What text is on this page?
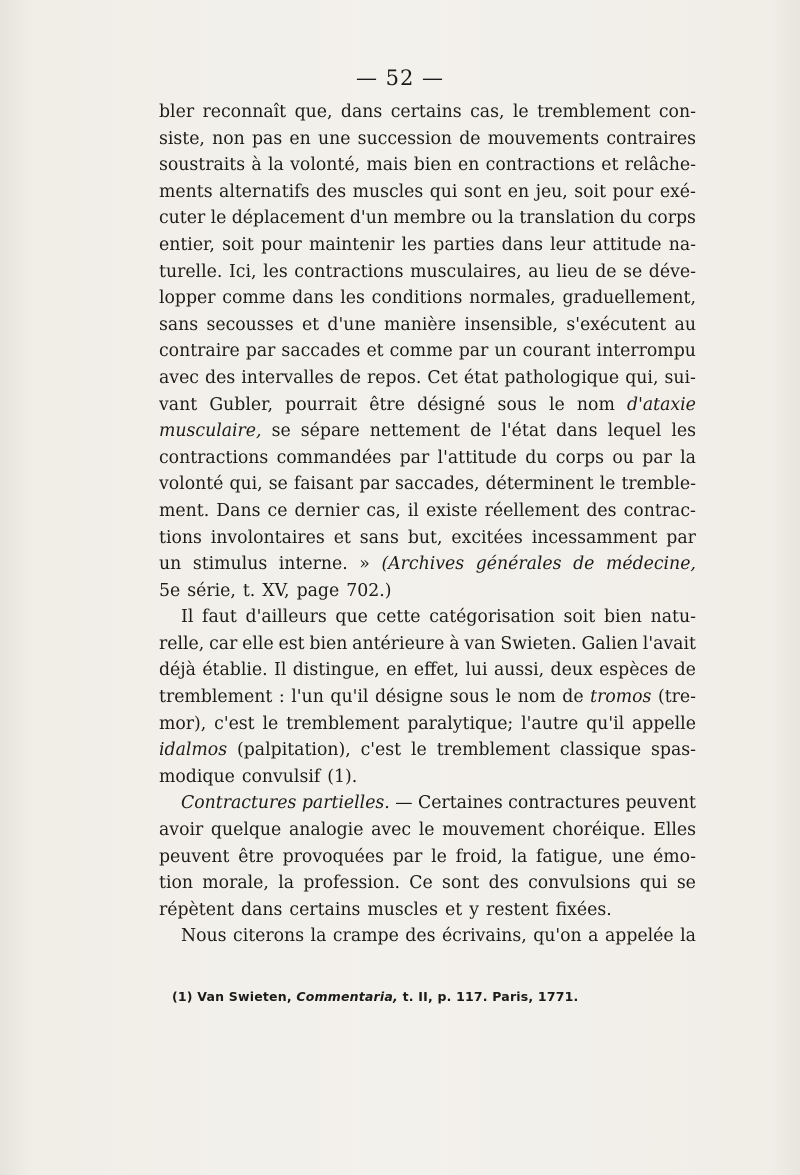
— 52 —
bler reconnaît que, dans certains cas, le tremblement con-
siste, non pas en une succession de mouvements contraires
soustraits à la volonté, mais bien en contractions et relâche-
ments alternatifs des muscles qui sont en jeu, soit pour exé-
cuter le déplacement d'un membre ou la translation du corps
entier, soit pour maintenir les parties dans leur attitude na-
turelle. Ici, les contractions musculaires, au lieu de se déve-
lopper comme dans les conditions normales, graduellement,
sans secousses et d'une manière insensible, s'exécutent au
contraire par saccades et comme par un courant interrompu
avec des intervalles de repos. Cet état pathologique qui, sui-
vant Gubler, pourrait être désigné sous le nom d'ataxie
musculaire, se sépare nettement de l'état dans lequel les
contractions commandées par l'attitude du corps ou par la
volonté qui, se faisant par saccades, déterminent le tremble-
ment. Dans ce dernier cas, il existe réellement des contrac-
tions involontaires et sans but, excitées incessamment par
un stimulus interne. » (Archives générales de médecine,
5e série, t. XV, page 702.)
Il faut d'ailleurs que cette catégorisation soit bien natu-
relle, car elle est bien antérieure à van Swieten. Galien l'avait
déjà établie. Il distingue, en effet, lui aussi, deux espèces de
tremblement : l'un qu'il désigne sous le nom de tromos (tre-
mor), c'est le tremblement paralytique; l'autre qu'il appelle
idalmos (palpitation), c'est le tremblement classique spas-
modique convulsif (1).
Contractures partielles. — Certaines contractures peuvent
avoir quelque analogie avec le mouvement choréique. Elles
peuvent être provoquées par le froid, la fatigue, une émo-
tion morale, la profession. Ce sont des convulsions qui se
répètent dans certains muscles et y restent fixées.
Nous citerons la crampe des écrivains, qu'on a appelée la
(1) Van Swieten, Commentaria, t. II, p. 117. Paris, 1771.
